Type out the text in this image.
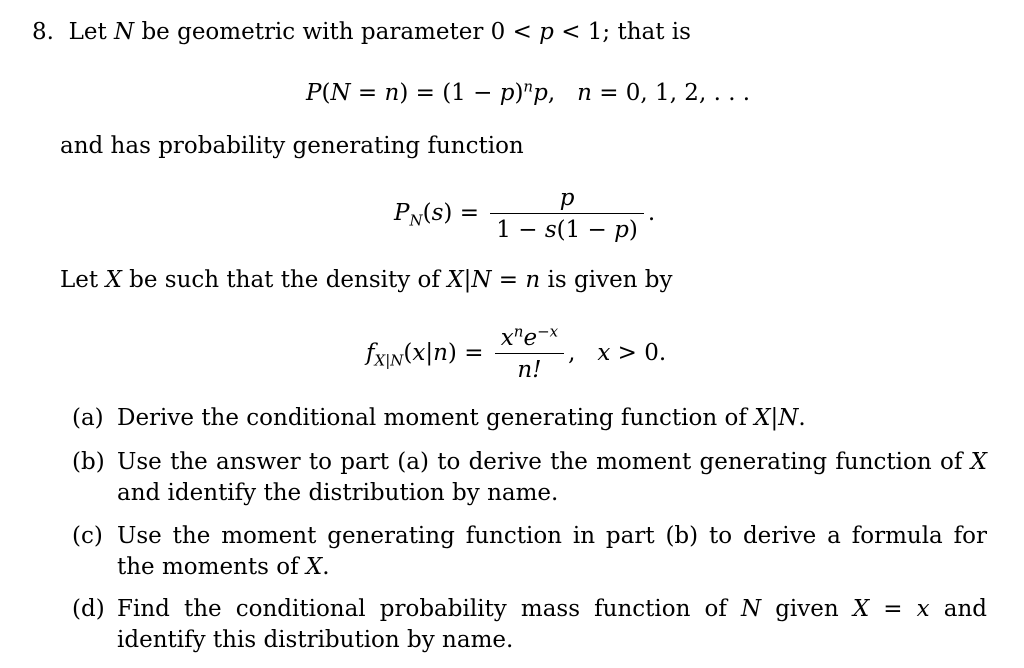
8.  Let N be geometric with parameter 0 < p < 1; that is
$P(N = n) = (1 - p)^np$,   n = 0, 1, 2, . . .
and has probability generating function
$P_N(s) = \frac{p}{1 - s(1 - p)}$ .
Let X be such that the density of X|N = n is given by
$f_{X|N}(x|n) = \frac{x^ne^{-x}}{n!}$ ,   x > 0.
(a) Derive the conditional moment generating function of X|N.
(b) Use the answer to part (a) to derive the moment generating function of X and identify the distribution by name.
(c) Use the moment generating function in part (b) to derive a formula for the moments of X.
(d) Find the conditional probability mass function of N given X = x and identify this distribution by name.
